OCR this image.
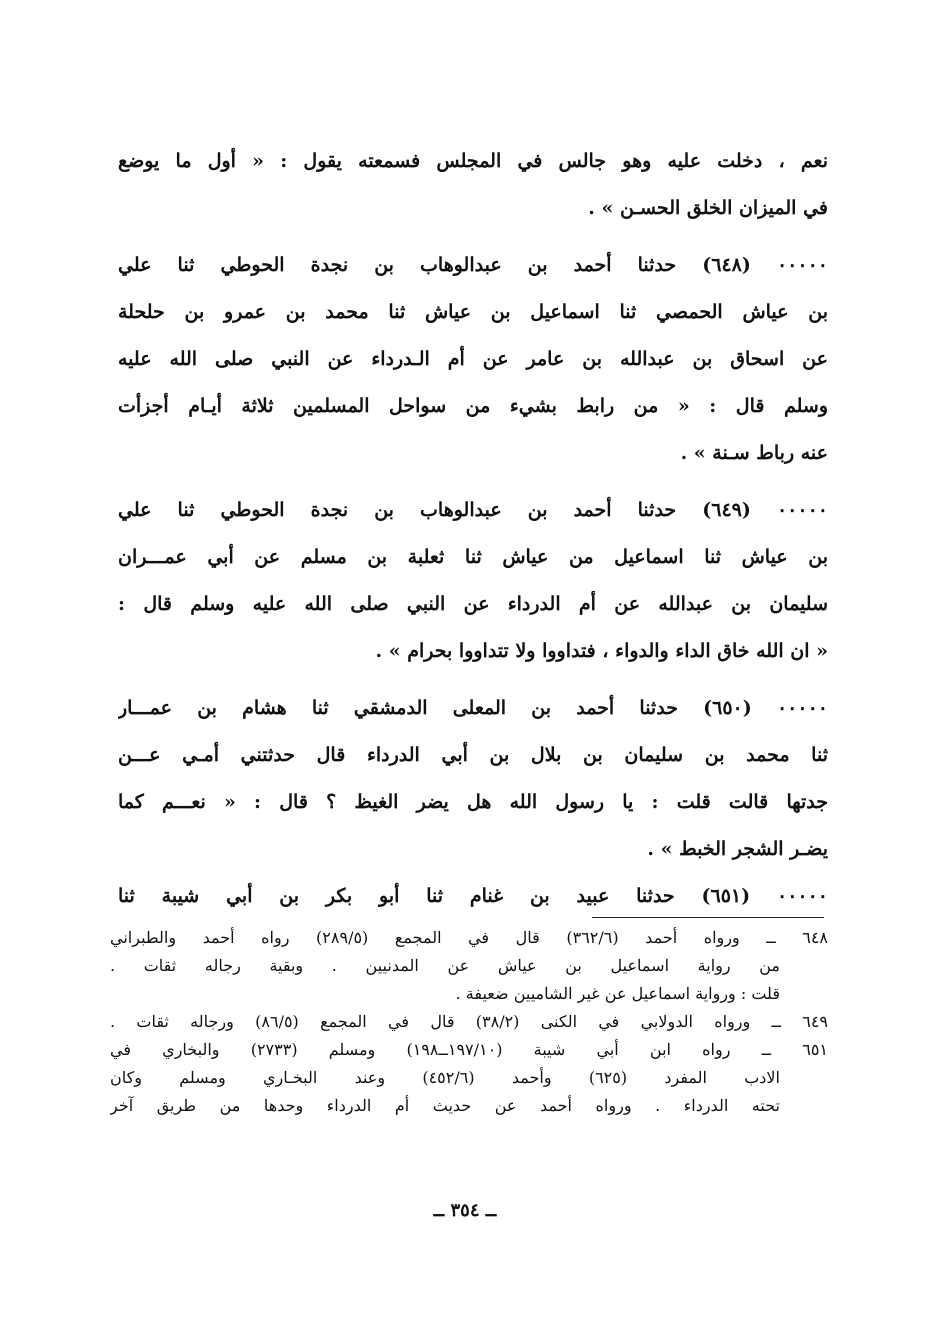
نعم ، دخلت عليه وهو جالس في المجلس فسمعته يقول : « أول ما يوضع
في الميزان الخلق الحسـن » .
٠٠٠٠٠ (٦٤٨) حدثنا أحمد بن عبدالوهاب بن نجدة الحوطي ثنا علي
بن عياش الحمصي ثنا اسماعيل بن عياش ثنا محمد بن عمرو بن حلحلة
عن اسحاق بن عبدالله بن عامر عن أم الـدرداء عن النبي صلى الله عليه
وسلم قال : « من رابط بشيء من سواحل المسلمين ثلاثة أيـام أجزأت
عنه رباط سـنة » .
٠٠٠٠٠ (٦٤٩) حدثنا أحمد بن عبدالوهاب بن نجدة الحوطي ثنا علي
بن عياش ثنا اسماعيل من عياش ثنا ثعلبة بن مسلم عن أبي عمـــران
سليمان بن عبدالله عن أم الدرداء عن النبي صلى الله عليه وسلم قال :
« ان الله خاق الداء والدواء ، فتداووا ولا تتداووا بحرام » .
٠٠٠٠٠ (٦٥٠) حدثنا أحمد بن المعلى الدمشقي ثنا هشام بن عمـــار
ثنا محمد بن سليمان بن بلال بن أبي الدرداء قال حدثتني أمـي عـــن
جدتها قالت قلت : يا رسول الله هل يضر الغيظ ؟ قال : « نعـــم كما
يضـر الشجر الخبط » .
٠٠٠٠٠ (٦٥١) حدثنا عبيد بن غنام ثنا أبو بكر بن أبي شيبة ثنا
٦٤٨ ــ ورواه أحمد (٣٦٢/٦) قال في المجمع (٢٨٩/٥) رواه أحمد والطبراني
من رواية اسماعيل بن عياش عن المدنيين . وبقية رجاله ثقات .
قلت : ورواية اسماعيل عن غير الشاميين ضعيفة .
٦٤٩ ــ ورواه الدولابي في الكنى (٣٨/٢) قال في المجمع (٨٦/٥) ورجاله ثقات .
٦٥١ ــ رواه ابن أبي شيبة (١٩٧/١٠ــ١٩٨) ومسلم (٢٧٣٣) والبخاري في
الادب المفرد (٦٢٥) وأحمد (٤٥٢/٦) وعند البخـاري ومسلم وكان
تحته الدرداء . ورواه أحمد عن حديث أم الدرداء وحدها من طريق آخر
ــ ٣٥٤ ــ
